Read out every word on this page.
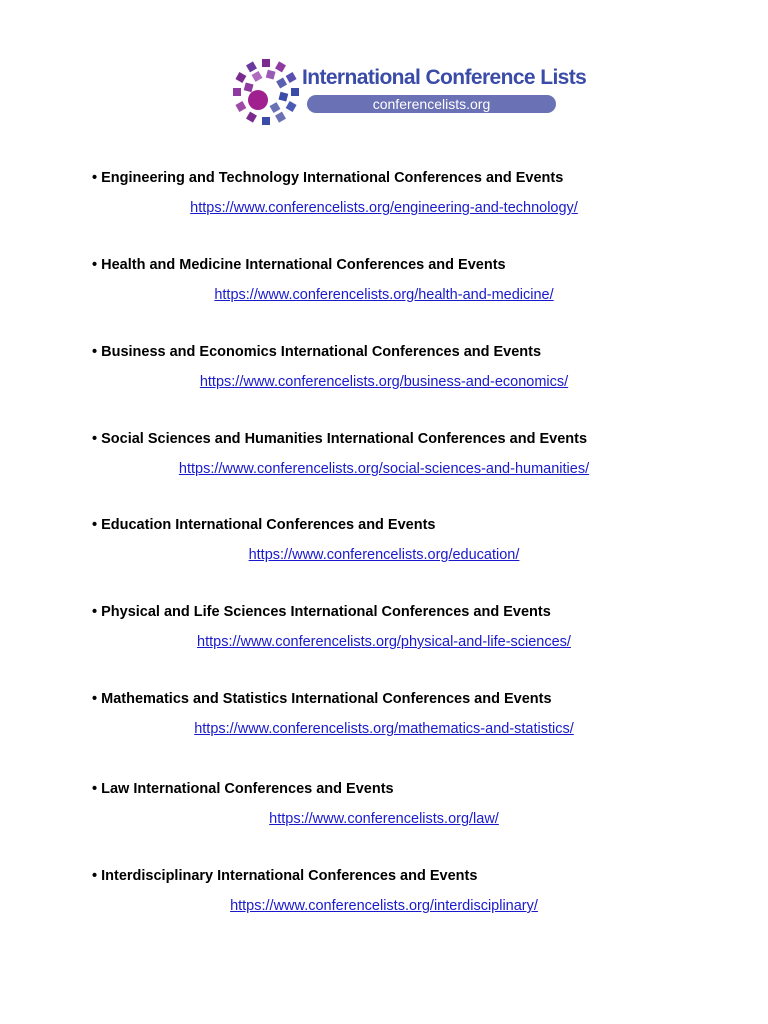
International Conference Lists
conferencelists.org
• Engineering and Technology International Conferences and Events
https://www.conferencelists.org/engineering-and-technology/
• Health and Medicine International Conferences and Events
https://www.conferencelists.org/health-and-medicine/
• Business and Economics International Conferences and Events
https://www.conferencelists.org/business-and-economics/
• Social Sciences and Humanities International Conferences and Events
https://www.conferencelists.org/social-sciences-and-humanities/
• Education International Conferences and Events
https://www.conferencelists.org/education/
• Physical and Life Sciences International Conferences and Events
https://www.conferencelists.org/physical-and-life-sciences/
• Mathematics and Statistics International Conferences and Events
https://www.conferencelists.org/mathematics-and-statistics/
• Law International Conferences and Events
https://www.conferencelists.org/law/
• Interdisciplinary International Conferences and Events
https://www.conferencelists.org/interdisciplinary/
